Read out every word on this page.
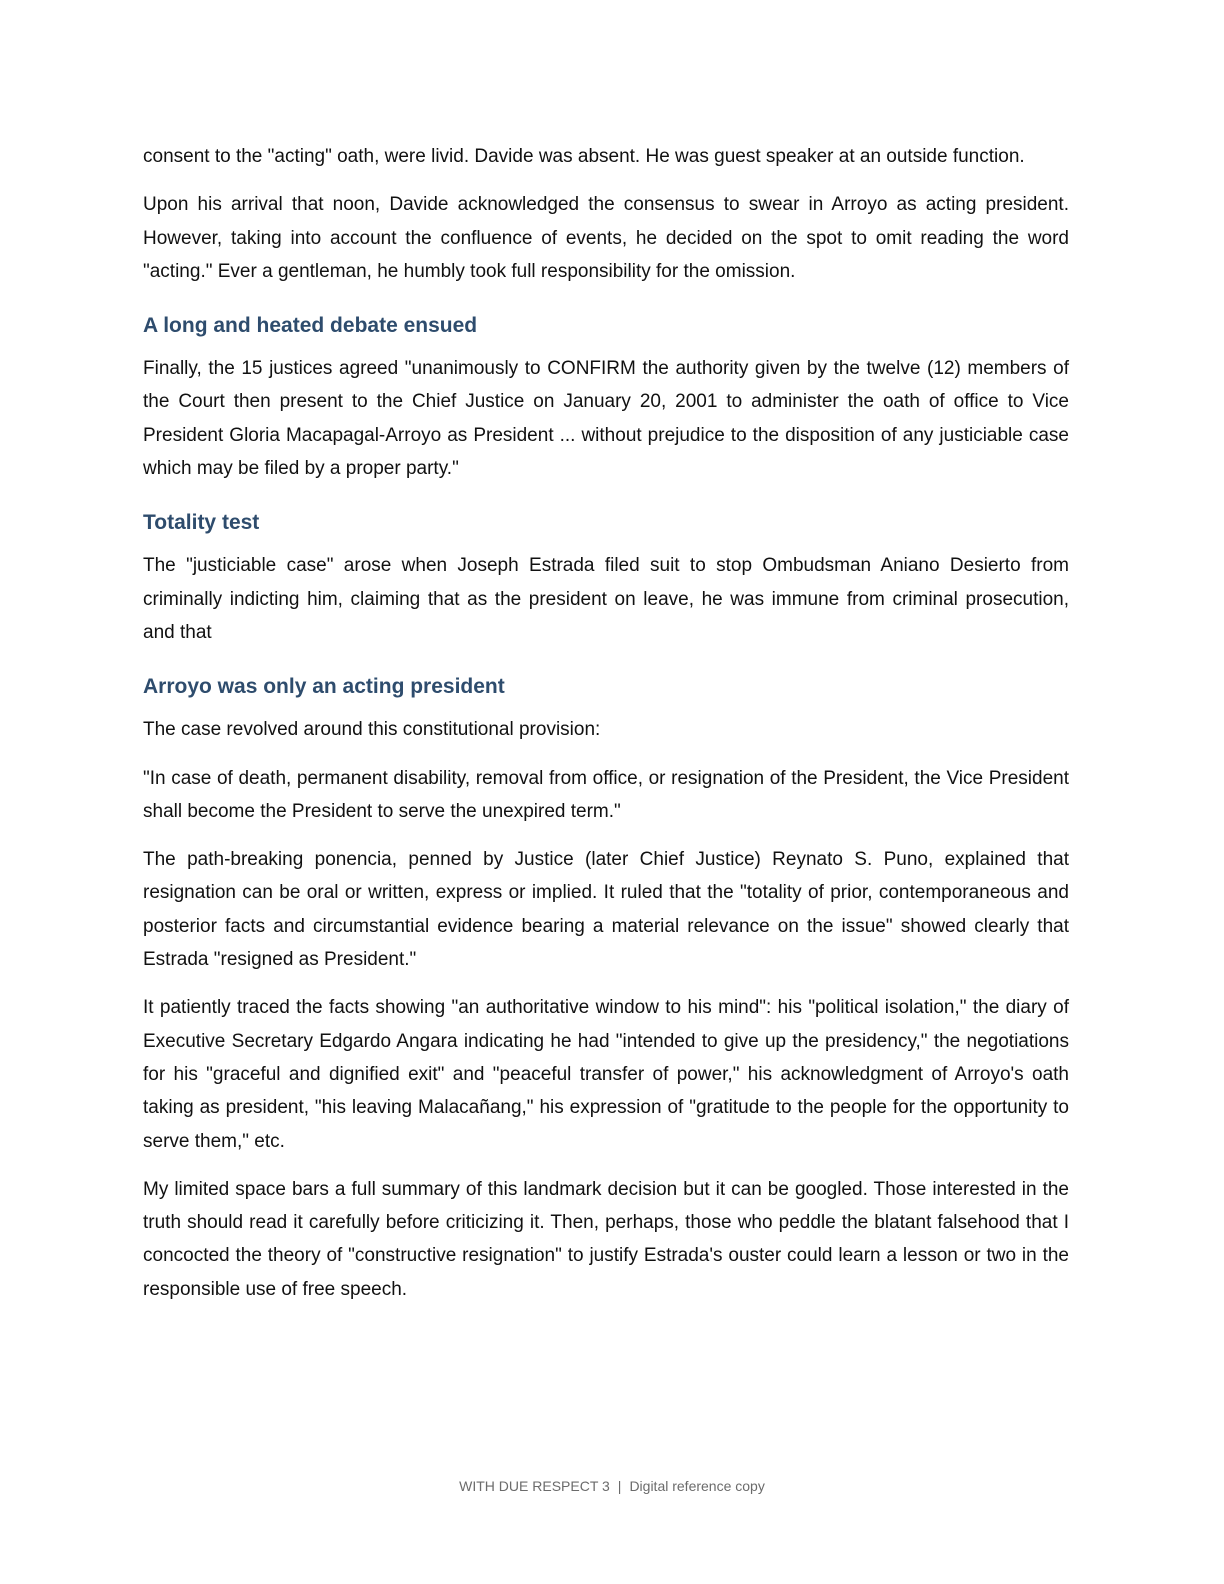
consent to the "acting" oath, were livid. Davide was absent. He was guest speaker at an outside function.

Upon his arrival that noon, Davide acknowledged the consensus to swear in Arroyo as acting president. However, taking into account the confluence of events, he decided on the spot to omit reading the word "acting." Ever a gentleman, he humbly took full responsibility for the omission.

A long and heated debate ensued

Finally, the 15 justices agreed "unanimously to CONFIRM the authority given by the twelve (12) members of the Court then present to the Chief Justice on January 20, 2001 to administer the oath of office to Vice President Gloria Macapagal-Arroyo as President ... without prejudice to the disposition of any justiciable case which may be filed by a proper party."

Totality test

The "justiciable case" arose when Joseph Estrada filed suit to stop Ombudsman Aniano Desierto from criminally indicting him, claiming that as the president on leave, he was immune from criminal prosecution, and that

Arroyo was only an acting president

The case revolved around this constitutional provision:

"In case of death, permanent disability, removal from office, or resignation of the President, the Vice President shall become the President to serve the unexpired term."

The path-breaking ponencia, penned by Justice (later Chief Justice) Reynato S. Puno, explained that resignation can be oral or written, express or implied. It ruled that the "totality of prior, contemporaneous and posterior facts and circumstantial evidence bearing a material relevance on the issue" showed clearly that Estrada "resigned as President."

It patiently traced the facts showing "an authoritative window to his mind": his "political isolation," the diary of Executive Secretary Edgardo Angara indicating he had "intended to give up the presidency," the negotiations for his "graceful and dignified exit" and "peaceful transfer of power," his acknowledgment of Arroyo's oath taking as president, "his leaving Malacañang," his expression of "gratitude to the people for the opportunity to serve them," etc.

My limited space bars a full summary of this landmark decision but it can be googled. Those interested in the truth should read it carefully before criticizing it. Then, perhaps, those who peddle the blatant falsehood that I concocted the theory of "constructive resignation" to justify Estrada's ouster could learn a lesson or two in the responsible use of free speech.

WITH DUE RESPECT 3 | Digital reference copy
